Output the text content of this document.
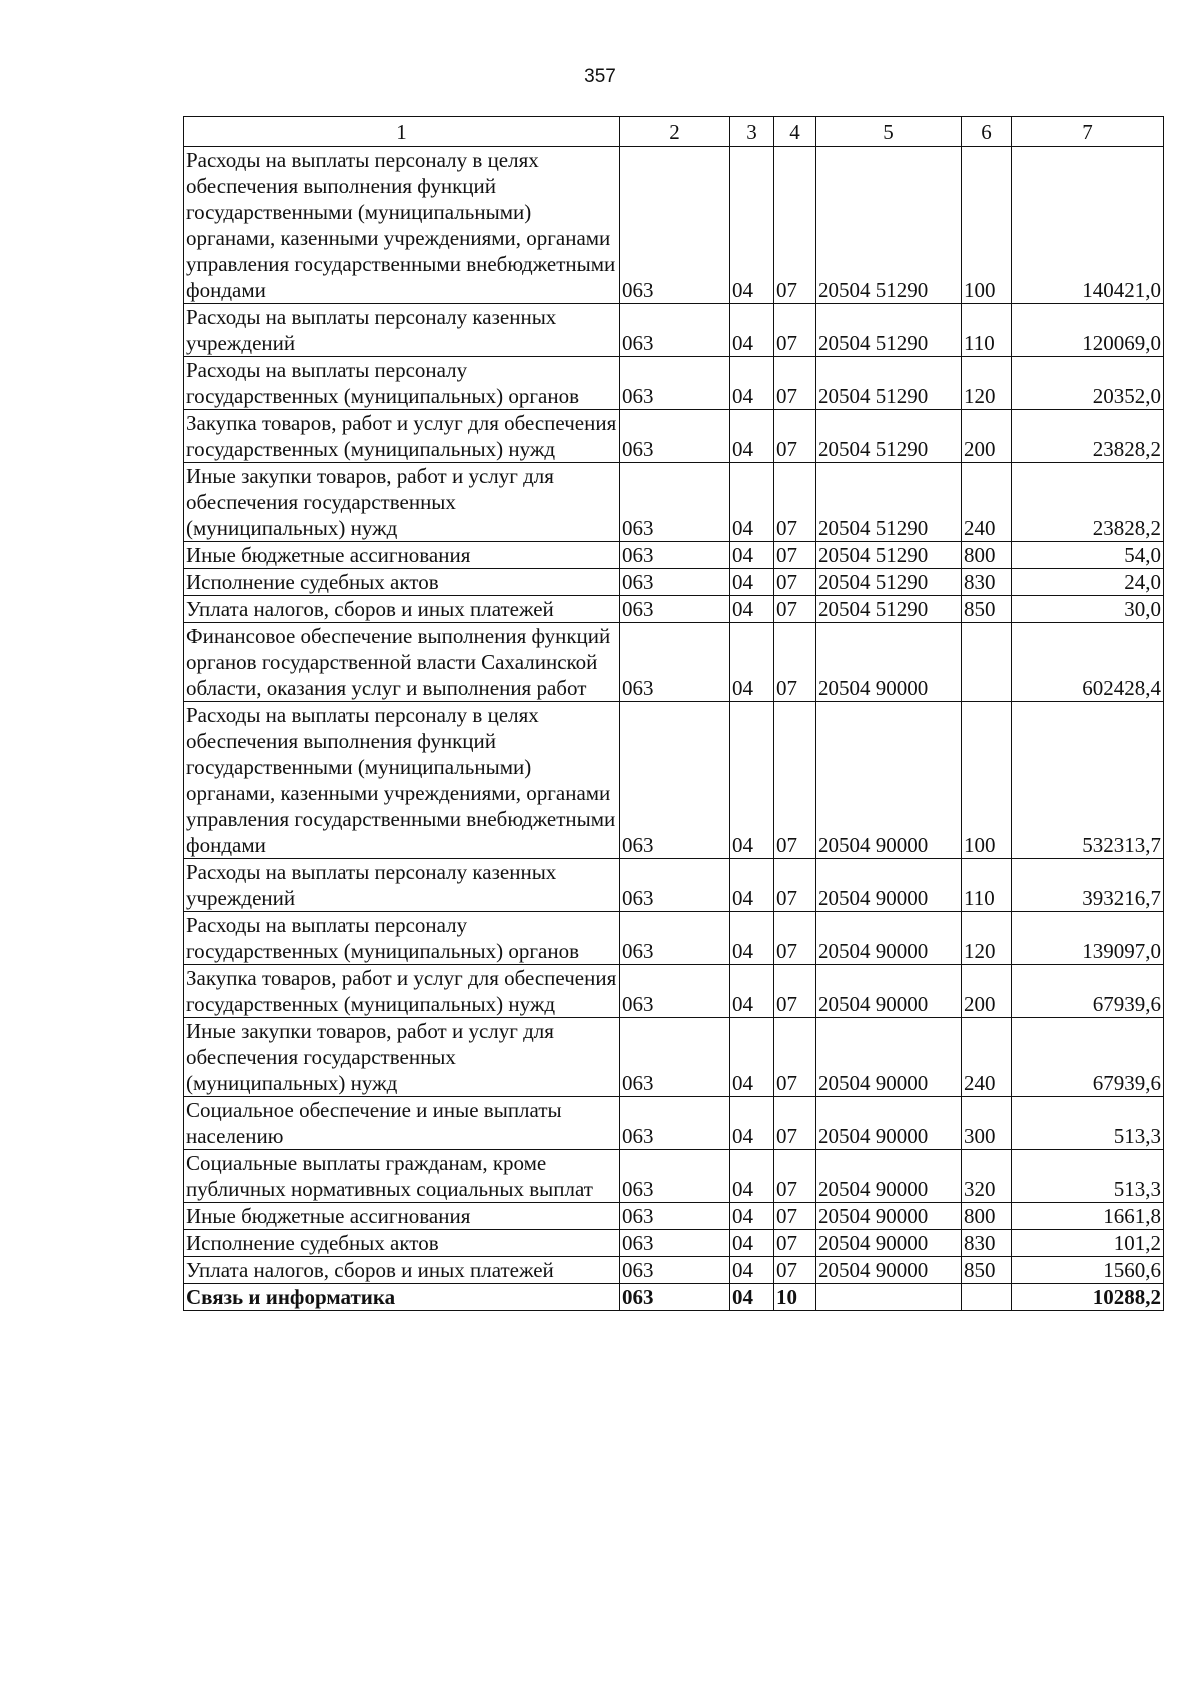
357
1	2	3	4	5	6	7
Расходы на выплаты персоналу в целях обеспечения выполнения функций государственными (муниципальными) органами, казенными учреждениями, органами управления государственными внебюджетными фондами	063	04	07	20504 51290	100	140421,0
Расходы на выплаты персоналу казенных учреждений	063	04	07	20504 51290	110	120069,0
Расходы на выплаты персоналу государственных (муниципальных) органов	063	04	07	20504 51290	120	20352,0
Закупка товаров, работ и услуг для обеспечения государственных (муниципальных) нужд	063	04	07	20504 51290	200	23828,2
Иные закупки товаров, работ и услуг для обеспечения государственных (муниципальных) нужд	063	04	07	20504 51290	240	23828,2
Иные бюджетные ассигнования	063	04	07	20504 51290	800	54,0
Исполнение судебных актов	063	04	07	20504 51290	830	24,0
Уплата налогов, сборов и иных платежей	063	04	07	20504 51290	850	30,0
Финансовое обеспечение выполнения функций органов государственной власти Сахалинской области, оказания услуг и выполнения работ	063	04	07	20504 90000		602428,4
Расходы на выплаты персоналу в целях обеспечения выполнения функций государственными (муниципальными) органами, казенными учреждениями, органами управления государственными внебюджетными фондами	063	04	07	20504 90000	100	532313,7
Расходы на выплаты персоналу казенных учреждений	063	04	07	20504 90000	110	393216,7
Расходы на выплаты персоналу государственных (муниципальных) органов	063	04	07	20504 90000	120	139097,0
Закупка товаров, работ и услуг для обеспечения государственных (муниципальных) нужд	063	04	07	20504 90000	200	67939,6
Иные закупки товаров, работ и услуг для обеспечения государственных (муниципальных) нужд	063	04	07	20504 90000	240	67939,6
Социальное обеспечение и иные выплаты населению	063	04	07	20504 90000	300	513,3
Социальные выплаты гражданам, кроме публичных нормативных социальных выплат	063	04	07	20504 90000	320	513,3
Иные бюджетные ассигнования	063	04	07	20504 90000	800	1661,8
Исполнение судебных актов	063	04	07	20504 90000	830	101,2
Уплата налогов, сборов и иных платежей	063	04	07	20504 90000	850	1560,6
Связь и информатика	063	04	10			10288,2
